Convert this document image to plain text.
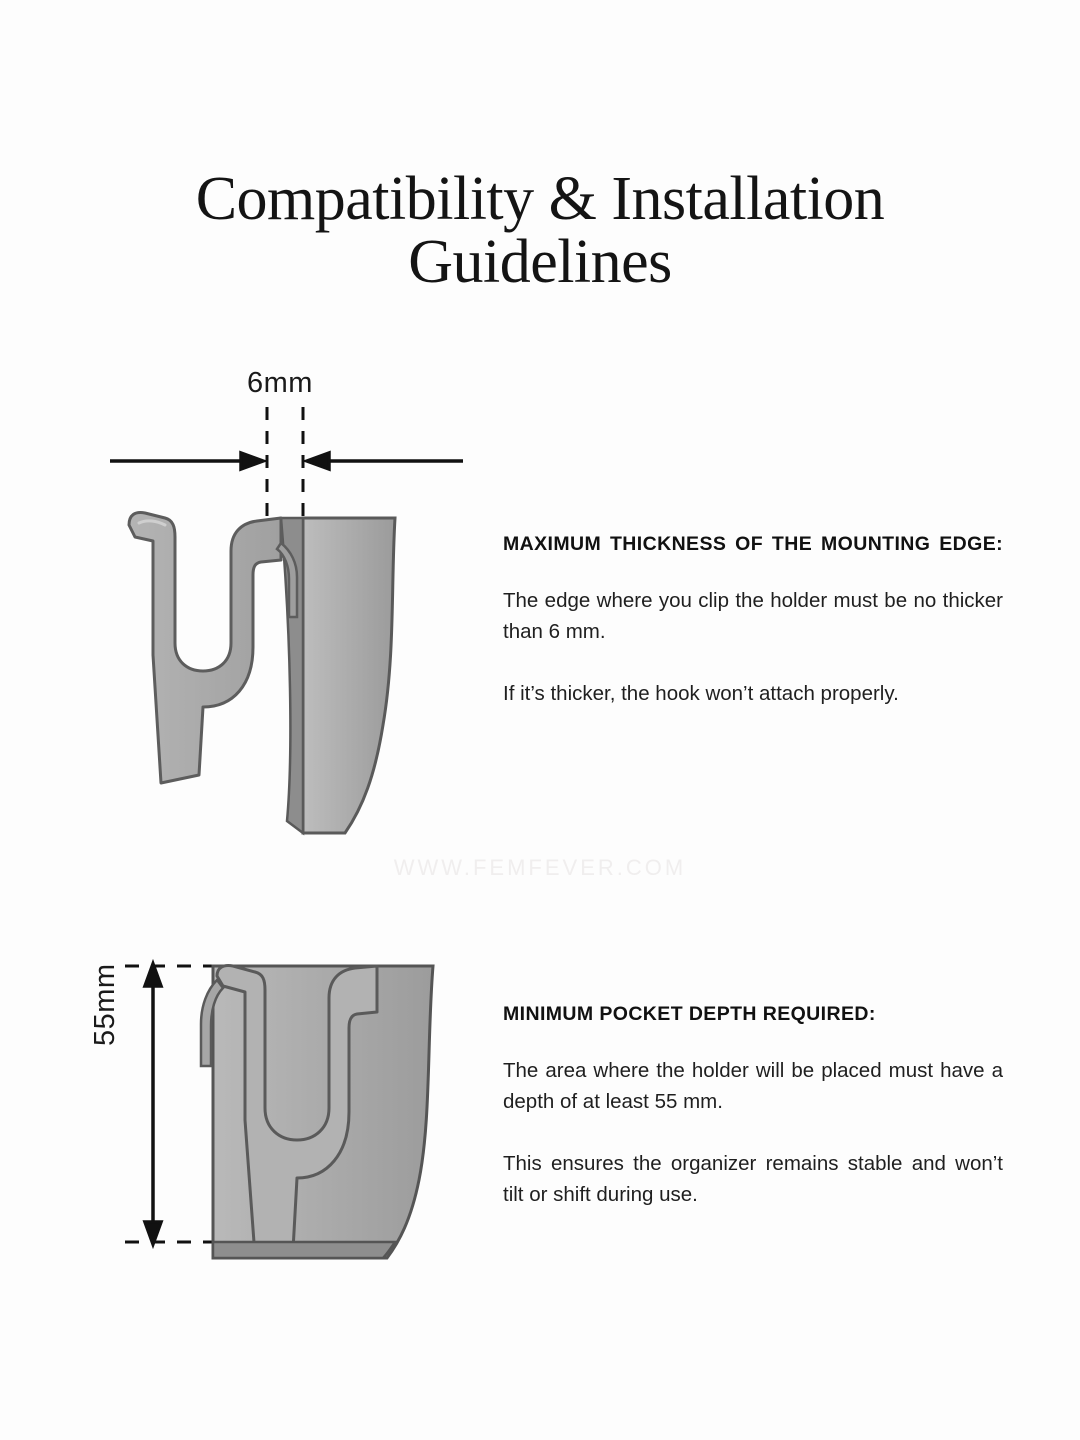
Compatibility & Installation
Guidelines
WWW.FEMFEVER.COM
6mm
55mm

MAXIMUM THICKNESS OF THE MOUNTING EDGE:

The edge where you clip the holder must be no thicker than 6 mm.

If it’s thicker, the hook won’t attach properly.

MINIMUM POCKET DEPTH REQUIRED:

The area where the holder will be placed must have a depth of at least 55 mm.

This ensures the organizer remains stable and won’t tilt or shift during use.
